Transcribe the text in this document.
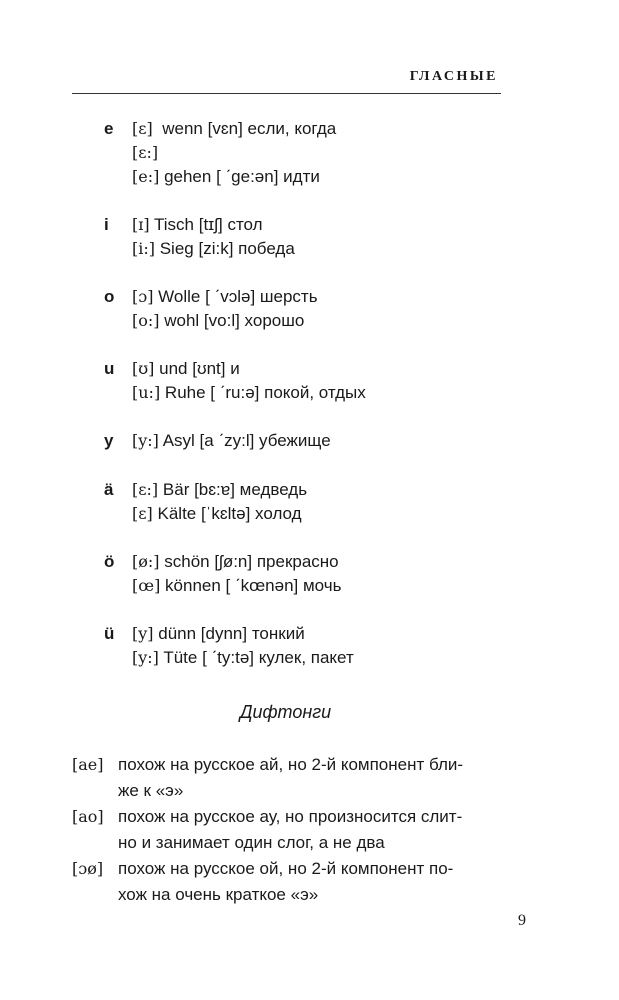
ГЛАСНЫЕ
e	[ɛ] wenn [vɛn] если, когда
[ɛ:]
[e:] gehen [ ˊge:ən] идти
i	[ɪ] Tisch [tɪʃ] стол
[i:] Sieg [zi:k] победа
o	[ɔ] Wolle [ ˊvɔlə] шерсть
[o:] wohl [vo:l] хорошо
u	[ʊ] und [ʊnt] и
[u:] Ruhe [ ˊru:ə] покой, отдых
y	[y:] Asyl [a ˊzy:l] убежище
ä	[ɛ:] Bär [bɛ:ɐ] медведь
[ɛ] Kälte [ˈkɛltə] холод
ö	[ø:] schön [ʃø:n] прекрасно
[œ] können [ ˊkœnən] мочь
ü	[y] dünn [dynn] тонкий
[y:] Tüte [ ˊty:tə] кулек, пакет
Дифтонги
[ae] похож на русское ай, но 2-й компонент бли-
же к «э»
[ao] похож на русское ау, но произносится слит-
но и занимает один слог, а не два
[ɔø] похож на русское ой, но 2-й компонент по-
хож на очень краткое «э»
9
